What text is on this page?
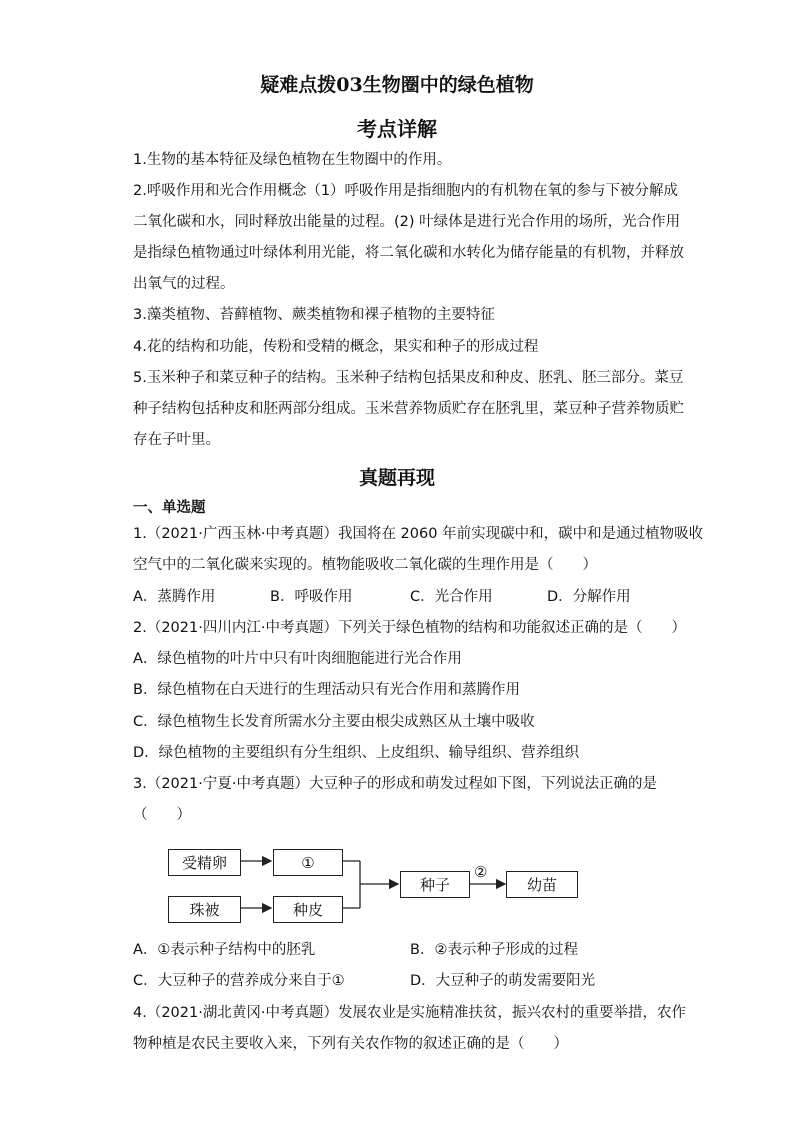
疑难点拨03生物圈中的绿色植物
考点详解
1.生物的基本特征及绿色植物在生物圈中的作用。
2.呼吸作用和光合作用概念（1）呼吸作用是指细胞内的有机物在氧的参与下被分解成
二氧化碳和水，同时释放出能量的过程。(2) 叶绿体是进行光合作用的场所，光合作用
是指绿色植物通过叶绿体利用光能，将二氧化碳和水转化为储存能量的有机物，并释放
出氧气的过程。
3.藻类植物、苔藓植物、蕨类植物和裸子植物的主要特征
4.花的结构和功能，传粉和受精的概念，果实和种子的形成过程
5.玉米种子和菜豆种子的结构。玉米种子结构包括果皮和种皮、胚乳、胚三部分。菜豆
种子结构包括种皮和胚两部分组成。玉米营养物质贮存在胚乳里，菜豆种子营养物质贮
存在子叶里。
真题再现
一、单选题
1.（2021·广西玉林·中考真题）我国将在 2060 年前实现碳中和，碳中和是通过植物吸收
空气中的二氧化碳来实现的。植物能吸收二氧化碳的生理作用是（　　）
A．蒸腾作用	B．呼吸作用	C．光合作用	D．分解作用
2.（2021·四川内江·中考真题）下列关于绿色植物的结构和功能叙述正确的是（　　）
A．绿色植物的叶片中只有叶肉细胞能进行光合作用
B．绿色植物在白天进行的生理活动只有光合作用和蒸腾作用
C．绿色植物生长发育所需水分主要由根尖成熟区从土壤中吸收
D．绿色植物的主要组织有分生组织、上皮组织、输导组织、营养组织
3.（2021·宁夏·中考真题）大豆种子的形成和萌发过程如下图，下列说法正确的是
（　　）
受精卵	①
珠被	种皮
种子
②
幼苗
A．①表示种子结构中的胚乳	B．②表示种子形成的过程
C．大豆种子的营养成分来自于①	D．大豆种子的萌发需要阳光
4.（2021·湖北黄冈·中考真题）发展农业是实施精准扶贫，振兴农村的重要举措，农作
物种植是农民主要收入来，下列有关农作物的叙述正确的是（　　）
